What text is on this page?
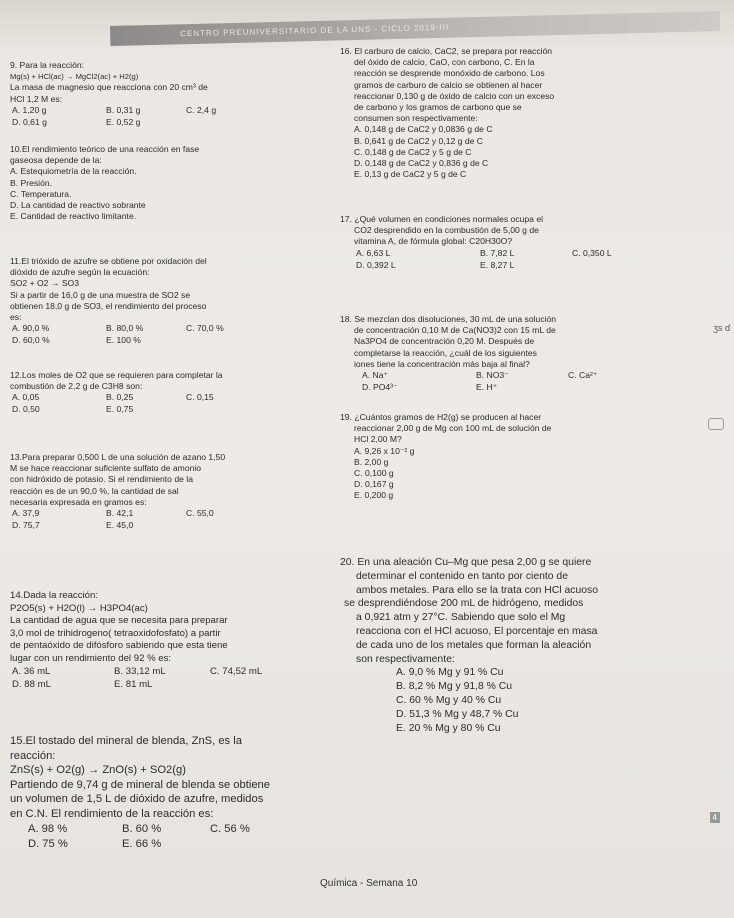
CENTRO PREUNIVERSITARIO DE LA UNS - CICLO 2019-III

9. Para la reacción:

Mg(s) + HCl(ac) → MgCl2(ac) + H2(g)

La masa de magnesio que reacciona con 20 cm³ de

HCl 1,2 M es:

A. 1,20 g	B. 0,31 g	C. 2,4 g
D. 0,61 g	E. 0,52 g

10.El rendimiento teórico de una reacción en fase

gaseosa depende de la:

A. Estequiometría de la reacción.

B. Presión.

C. Temperatura.

D. La cantidad de reactivo sobrante

E. Cantidad de reactivo limitante.

11.El trióxido de azufre se obtiene por oxidación del

dióxido de azufre según la ecuación:

SO2 + O2 → SO3

Si a partir de 16,0 g de una muestra de SO2 se

obtienen 18,0 g de SO3, el rendimiento del proceso

es:

A. 90,0 %	B. 80,0 %	C. 70,0 %
D. 60,0 %	E. 100 %

12.Los moles de O2 que se requieren para completar la

combustión de 2,2 g de C3H8 son:

A. 0,05	B. 0,25	C. 0,15
D. 0,50	E. 0,75

13.Para preparar 0,500 L de una solución de azano 1,50

M se hace reaccionar suficiente sulfato de amonio

con hidróxido de potasio. Si el rendimiento de la

reacción es de un 90,0 %, la cantidad de sal

necesaria expresada en gramos es:

A. 37,9	B. 42,1	C. 55,0
D. 75,7	E. 45,0

14.Dada la reacción:

P2O5(s) + H2O(l) → H3PO4(ac)

La cantidad de agua que se necesita para preparar

3,0 mol de trihidrogeno( tetraoxidofosfato) a partir

de pentaóxido de difósforo sabiendo que esta tiene

lugar con un rendimiento del 92 % es:

A. 36 mL	B. 33,12 mL	C. 74,52 mL
D. 88 mL	E. 81 mL

15.El tostado del mineral de blenda, ZnS, es la

reacción:

ZnS(s) + O2(g) → ZnO(s) + SO2(g)

Partiendo de 9,74 g de mineral de blenda se obtiene

un volumen de 1,5 L de dióxido de azufre, medidos

en C.N. El rendimiento de la reacción es:

A. 98 %	B. 60 %	C. 56 %
D. 75 %	E. 66 %

16. El carburo de calcio, CaC2, se prepara por reacción

del óxido de calcio, CaO, con carbono, C. En la

reacción se desprende monóxido de carbono. Los

gramos de carburo de calcio se obtienen al hacer

reaccionar 0,130 g de óxido de calcio con un exceso

de carbono y los gramos de carbono que se

consumen son respectivamente:

A. 0,148 g de CaC2 y 0,0836 g de C

B. 0,641 g de CaC2 y 0,12 g de C

C. 0,148 g de CaC2 y 5 g de C

D. 0,148 g de CaC2 y 0,836 g de C

E. 0,13 g de CaC2 y 5 g de C

17. ¿Qué volumen en condiciones normales ocupa el

CO2 desprendido en la combustión de 5,00 g de

vitamina A, de fórmula global: C20H30O?

A. 6,63 L	B. 7,82 L	C. 0,350 L
D. 0,392 L	E. 8,27 L

18. Se mezclan dos disoluciones, 30 mL de una solución

de concentración 0,10 M de Ca(NO3)2 con 15 mL de

Na3PO4 de concentración 0,20 M. Después de

completarse la reacción, ¿cuál de los siguientes

iones tiene la concentración más baja al final?

A. Na⁺	B. NO3⁻	C. Ca²⁺
D. PO4³⁻	E. H⁺

19. ¿Cuántos gramos de H2(g) se producen al hacer

reaccionar 2,00 g de Mg con 100 mL de solución de

HCl 2,00 M?

A. 9,26 x 10⁻² g

B. 2,00 g

C. 0,100 g

D. 0,167 g

E. 0,200 g

20. En una aleación Cu–Mg que pesa 2,00 g se quiere

determinar el contenido en tanto por ciento de

ambos metales. Para ello se la trata con HCl acuoso

se desprendiéndose 200 mL de hidrógeno, medidos

a 0,921 atm y 27°C. Sabiendo que solo el Mg

reacciona con el HCl acuoso, El porcentaje en masa

de cada uno de los metales que forman la aleación

son respectivamente:

A. 9,0 % Mg y 91 % Cu

B. 8,2 % Mg y 91,8 % Cu

C. 60 % Mg y 40 % Cu

D. 51,3 % Mg y 48,7 % Cu

E. 20 % Mg y 80 % Cu

Química - Semana 10
ʒs ɗ
4
